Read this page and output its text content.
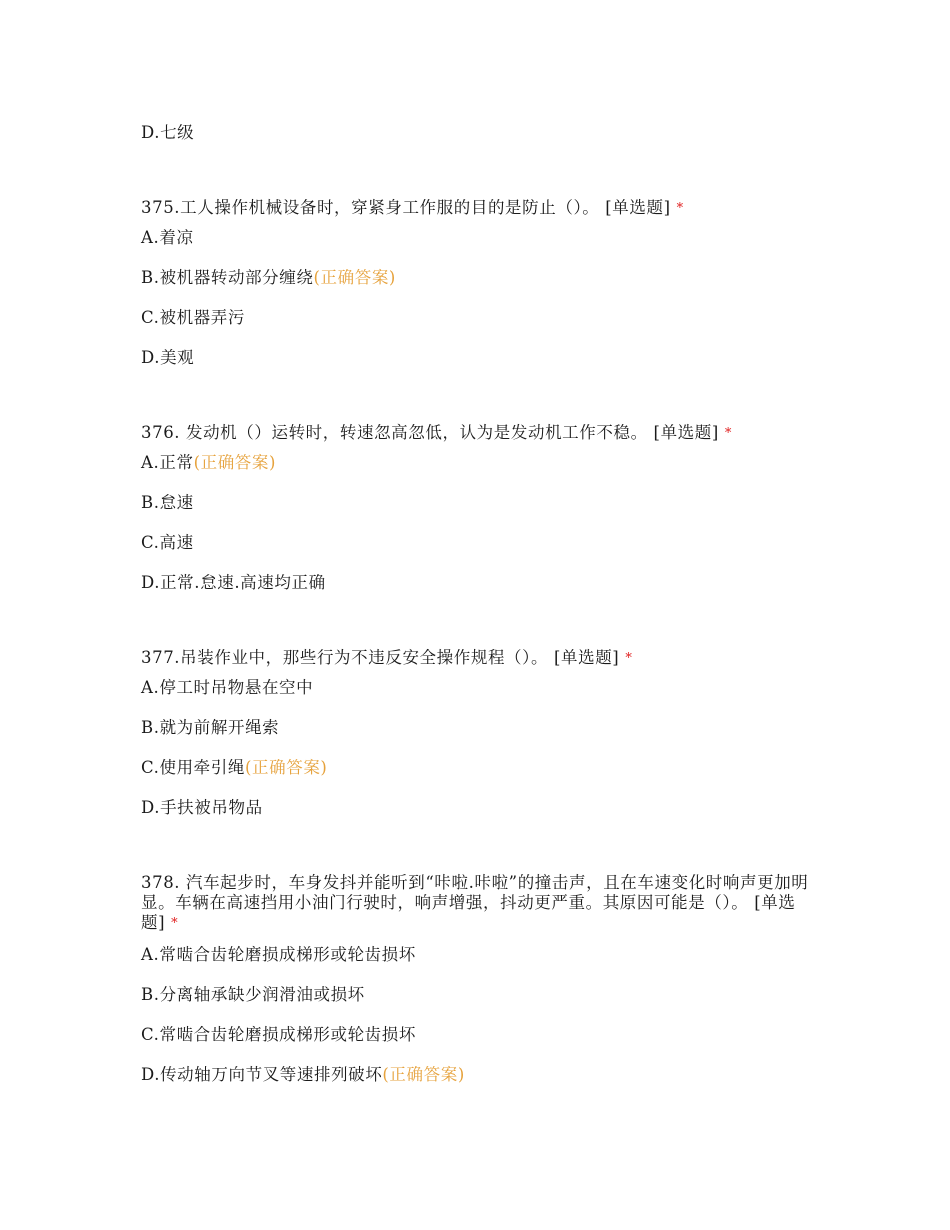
D.七级
375.工人操作机械设备时，穿紧身工作服的目的是防止（）。 [单选题] *
A.着凉
B.被机器转动部分缠绕(正确答案)
C.被机器弄污
D.美观
376. 发动机（）运转时，转速忽高忽低，认为是发动机工作不稳。 [单选题] *
A.正常(正确答案)
B.怠速
C.高速
D.正常.怠速.高速均正确
377.吊装作业中，那些行为不违反安全操作规程（）。 [单选题] *
A.停工时吊物悬在空中
B.就为前解开绳索
C.使用牵引绳(正确答案)
D.手扶被吊物品
378. 汽车起步时，车身发抖并能听到“咔啦.咔啦”的撞击声，且在车速变化时响声更加明显。车辆在高速挡用小油门行驶时，响声增强，抖动更严重。其原因可能是（）。 [单选题] *
A.常啮合齿轮磨损成梯形或轮齿损坏
B.分离轴承缺少润滑油或损坏
C.常啮合齿轮磨损成梯形或轮齿损坏
D.传动轴万向节叉等速排列破坏(正确答案)
